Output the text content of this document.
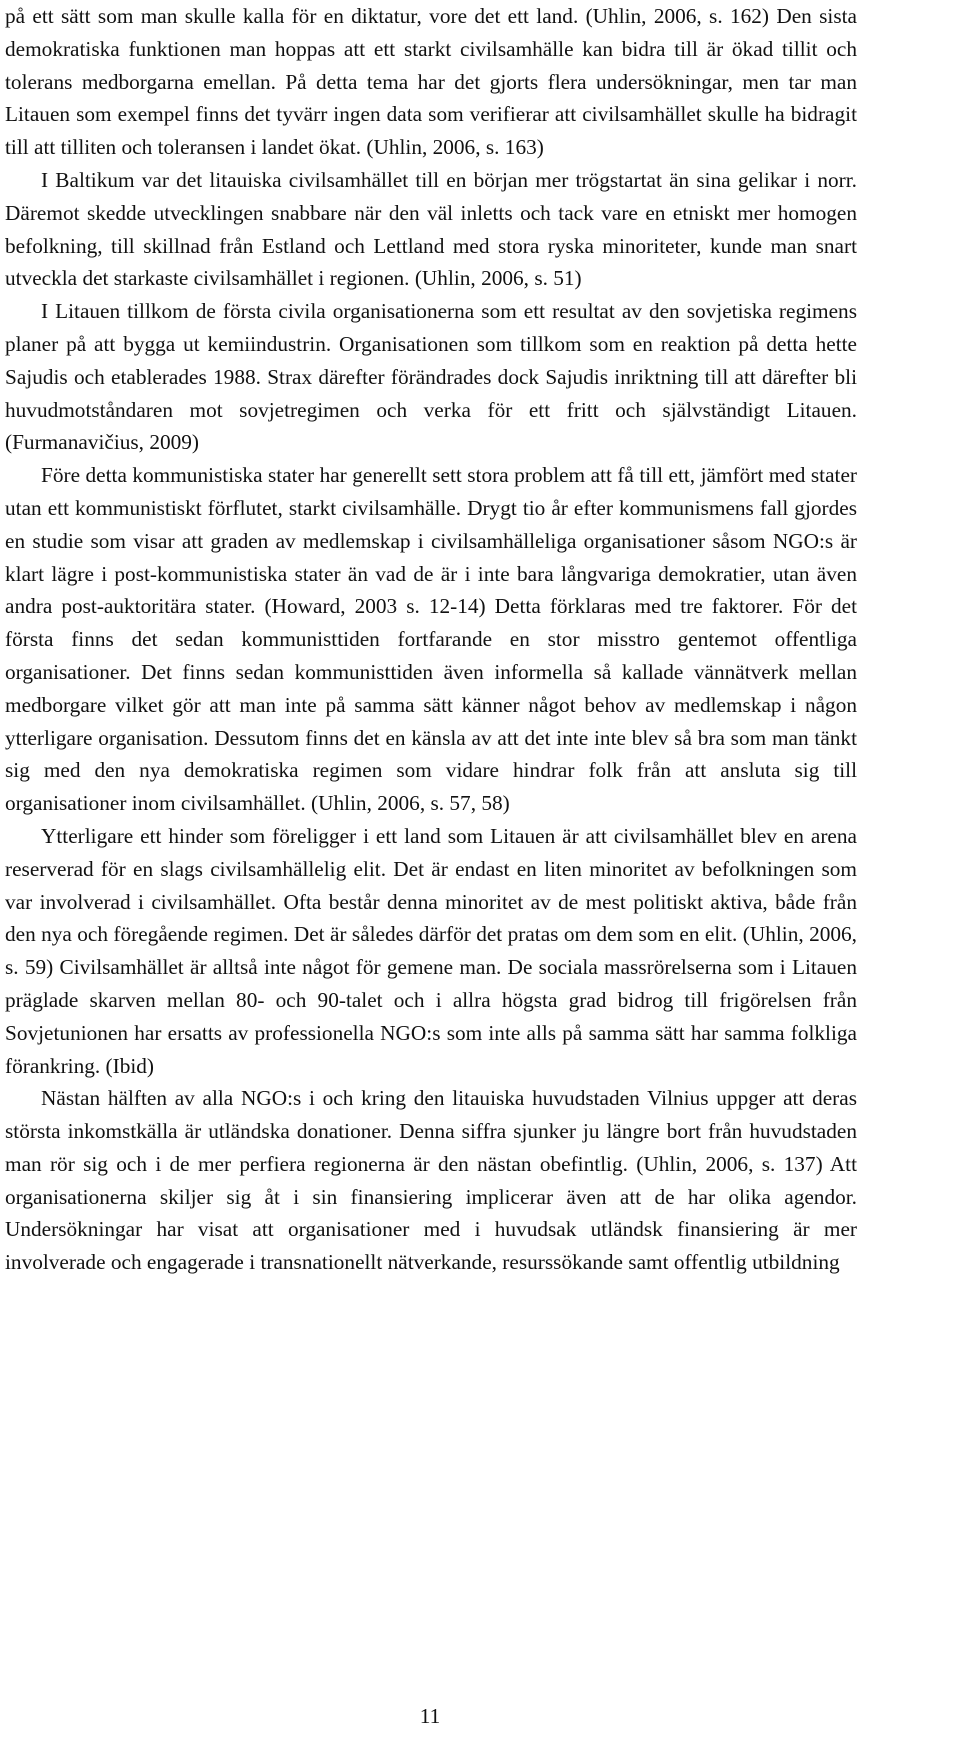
på ett sätt som man skulle kalla för en diktatur, vore det ett land. (Uhlin, 2006, s. 162) Den sista demokratiska funktionen man hoppas att ett starkt civilsamhälle kan bidra till är ökad tillit och tolerans medborgarna emellan. På detta tema har det gjorts flera undersökningar, men tar man Litauen som exempel finns det tyvärr ingen data som verifierar att civilsamhället skulle ha bidragit till att tilliten och toleransen i landet ökat. (Uhlin, 2006, s. 163)

I Baltikum var det litauiska civilsamhället till en början mer trögstartat än sina gelikar i norr. Däremot skedde utvecklingen snabbare när den väl inletts och tack vare en etniskt mer homogen befolkning, till skillnad från Estland och Lettland med stora ryska minoriteter, kunde man snart utveckla det starkaste civilsamhället i regionen. (Uhlin, 2006, s. 51)

I Litauen tillkom de första civila organisationerna som ett resultat av den sovjetiska regimens planer på att bygga ut kemiindustrin. Organisationen som tillkom som en reaktion på detta hette Sajudis och etablerades 1988. Strax därefter förändrades dock Sajudis inriktning till att därefter bli huvudmotståndaren mot sovjetregimen och verka för ett fritt och självständigt Litauen. (Furmanavičius, 2009)

Före detta kommunistiska stater har generellt sett stora problem att få till ett, jämfört med stater utan ett kommunistiskt förflutet, starkt civilsamhälle. Drygt tio år efter kommunismens fall gjordes en studie som visar att graden av medlemskap i civilsamhälleliga organisationer såsom NGO:s är klart lägre i post-kommunistiska stater än vad de är i inte bara långvariga demokratier, utan även andra post-auktoritära stater. (Howard, 2003 s. 12-14) Detta förklaras med tre faktorer. För det första finns det sedan kommunisttiden fortfarande en stor misstro gentemot offentliga organisationer. Det finns sedan kommunisttiden även informella så kallade vännätverk mellan medborgare vilket gör att man inte på samma sätt känner något behov av medlemskap i någon ytterligare organisation. Dessutom finns det en känsla av att det inte inte blev så bra som man tänkt sig med den nya demokratiska regimen som vidare hindrar folk från att ansluta sig till organisationer inom civilsamhället. (Uhlin, 2006, s. 57, 58)

Ytterligare ett hinder som föreligger i ett land som Litauen är att civilsamhället blev en arena reserverad för en slags civilsamhällelig elit. Det är endast en liten minoritet av befolkningen som var involverad i civilsamhället. Ofta består denna minoritet av de mest politiskt aktiva, både från den nya och föregående regimen. Det är således därför det pratas om dem som en elit. (Uhlin, 2006, s. 59) Civilsamhället är alltså inte något för gemene man. De sociala massrörelserna som i Litauen präglade skarven mellan 80- och 90-talet och i allra högsta grad bidrog till frigörelsen från Sovjetunionen har ersatts av professionella NGO:s som inte alls på samma sätt har samma folkliga förankring. (Ibid)

Nästan hälften av alla NGO:s i och kring den litauiska huvudstaden Vilnius uppger att deras största inkomstkälla är utländska donationer. Denna siffra sjunker ju längre bort från huvudstaden man rör sig och i de mer perfiera regionerna är den nästan obefintlig. (Uhlin, 2006, s. 137) Att organisationerna skiljer sig åt i sin finansiering implicerar även att de har olika agendor. Undersökningar har visat att organisationer med i huvudsak utländsk finansiering är mer involverade och engagerade i transnationellt nätverkande, resurssökande samt offentlig utbildning

11
